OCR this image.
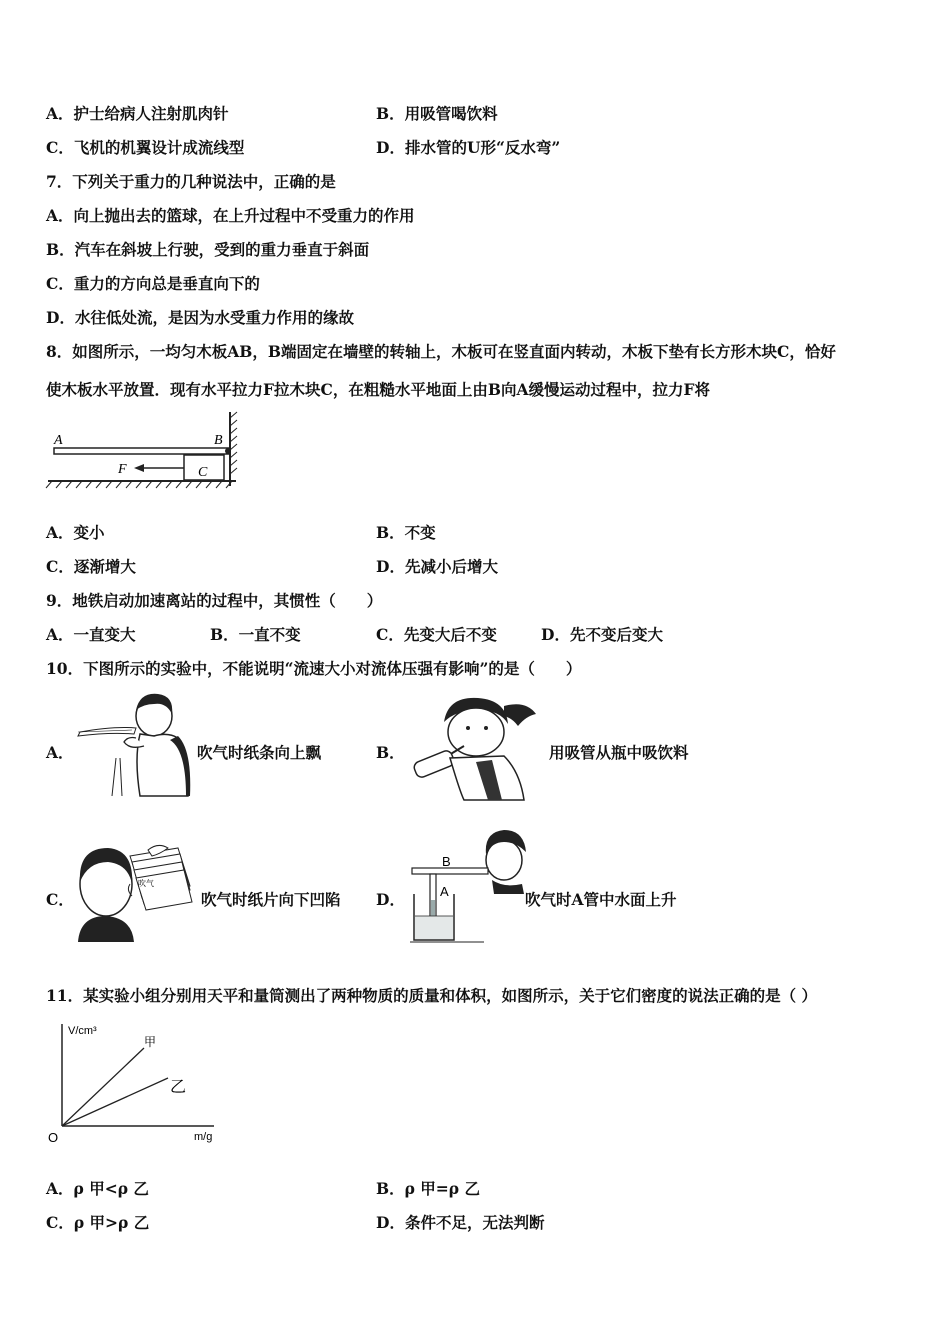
A．护士给病人注射肌肉针	B．用吸管喝饮料
C．飞机的机翼设计成流线型	D．排水管的U形“反水弯”
7．下列关于重力的几种说法中，正确的是
A．向上抛出去的篮球，在上升过程中不受重力的作用
B．汽车在斜坡上行驶，受到的重力垂直于斜面
C．重力的方向总是垂直向下的
D．水往低处流，是因为水受重力作用的缘故
8．如图所示，一均匀木板AB，B端固定在墙壁的转轴上，木板可在竖直面内转动，木板下垫有长方形木块C，恰好
使木板水平放置．现有水平拉力F拉木块C，在粗糙水平地面上由B向A缓慢运动过程中，拉力F将
A	B
F	C
A．变小	B．不变
C．逐渐增大	D．先减小后增大
9．地铁启动加速离站的过程中，其惯性（　　）
A．一直变大	B．一直不变	C．先变大后不变	D．先不变后变大
10．下图所示的实验中，不能说明“流速大小对流体压强有影响”的是（　　）
A．	吹气时纸条向上飘	B．	用吸管从瓶中吸饮料
C．
吹气
吹气时纸片向下凹陷 D．
B
A	吹气时A管中水面上升
11．某实验小组分别用天平和量筒测出了两种物质的质量和体积，如图所示，关于它们密度的说法正确的是（ ）
V/cm³
m/g
O
甲
乙
A．ρ 甲<ρ 乙	B．ρ 甲=ρ 乙
C．ρ 甲>ρ 乙	D．条件不足，无法判断
